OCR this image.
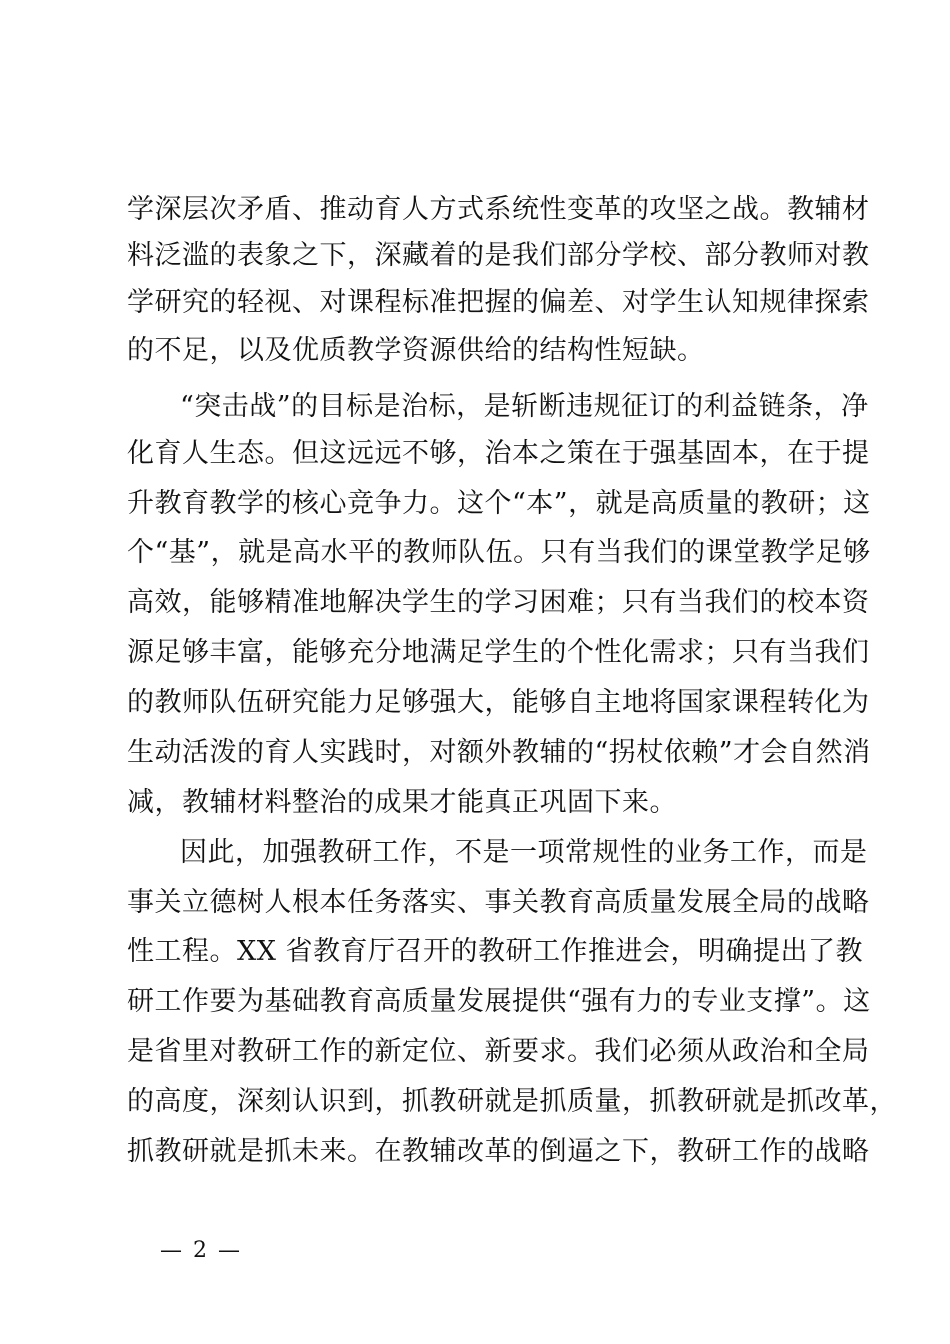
学深层次矛盾、推动育人方式系统性变革的攻坚之战。教辅材
料泛滥的表象之下，深藏着的是我们部分学校、部分教师对教
学研究的轻视、对课程标准把握的偏差、对学生认知规律探索
的不足，以及优质教学资源供给的结构性短缺。
“突击战”的目标是治标，是斩断违规征订的利益链条，净
化育人生态。但这远远不够，治本之策在于强基固本，在于提
升教育教学的核心竞争力。这个“本”，就是高质量的教研；这
个“基”，就是高水平的教师队伍。只有当我们的课堂教学足够
高效，能够精准地解决学生的学习困难；只有当我们的校本资
源足够丰富，能够充分地满足学生的个性化需求；只有当我们
的教师队伍研究能力足够强大，能够自主地将国家课程转化为
生动活泼的育人实践时，对额外教辅的“拐杖依赖”才会自然消
减，教辅材料整治的成果才能真正巩固下来。
因此，加强教研工作，不是一项常规性的业务工作，而是
事关立德树人根本任务落实、事关教育高质量发展全局的战略
性工程。XX 省教育厅召开的教研工作推进会，明确提出了教
研工作要为基础教育高质量发展提供“强有力的专业支撑”。这
是省里对教研工作的新定位、新要求。我们必须从政治和全局
的高度，深刻认识到，抓教研就是抓质量，抓教研就是抓改革，
抓教研就是抓未来。在教辅改革的倒逼之下，教研工作的战略
— 2 —
